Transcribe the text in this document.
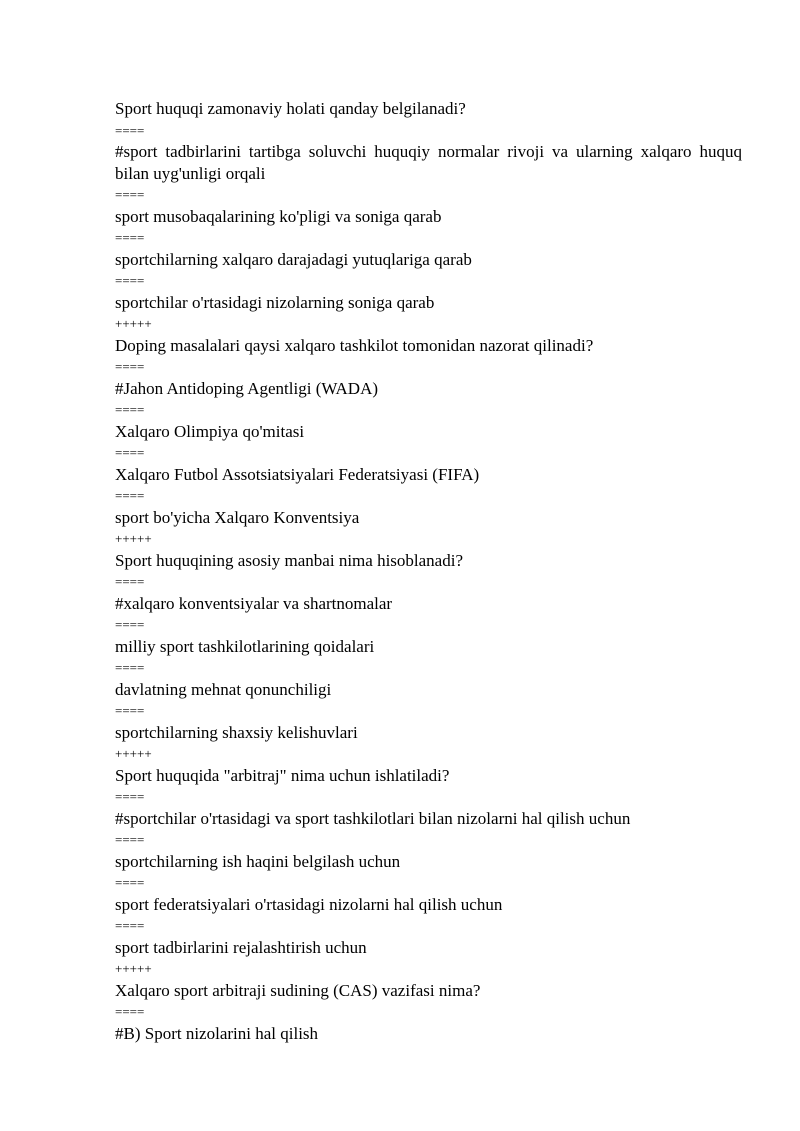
Sport huquqi zamonaviy holati qanday belgilanadi?
====
#sport tadbirlarini tartibga soluvchi huquqiy normalar rivoji va ularning xalqaro huquq bilan uyg'unligi orqali
====
sport musobaqalarining ko'pligi va soniga qarab
====
sportchilarning xalqaro darajadagi yutuqlariga qarab
====
sportchilar o'rtasidagi nizolarning soniga qarab
+++++
Doping masalalari qaysi xalqaro tashkilot tomonidan nazorat qilinadi?
====
#Jahon Antidoping Agentligi (WADA)
====
Xalqaro Olimpiya qo'mitasi
====
Xalqaro Futbol Assotsiatsiyalari Federatsiyasi (FIFA)
====
sport bo'yicha Xalqaro Konventsiya
+++++
Sport huquqining asosiy manbai nima hisoblanadi?
====
#xalqaro konventsiyalar va shartnomalar
====
milliy sport tashkilotlarining qoidalari
====
davlatning mehnat qonunchiligi
====
sportchilarning shaxsiy kelishuvlari
+++++
Sport huquqida "arbitraj" nima uchun ishlatiladi?
====
#sportchilar o'rtasidagi va sport tashkilotlari bilan nizolarni hal qilish uchun
====
sportchilarning ish haqini belgilash uchun
====
sport federatsiyalari o'rtasidagi nizolarni hal qilish uchun
====
sport tadbirlarini rejalashtirish uchun
+++++
Xalqaro sport arbitraji sudining (CAS) vazifasi nima?
====
#B) Sport nizolarini hal qilish
